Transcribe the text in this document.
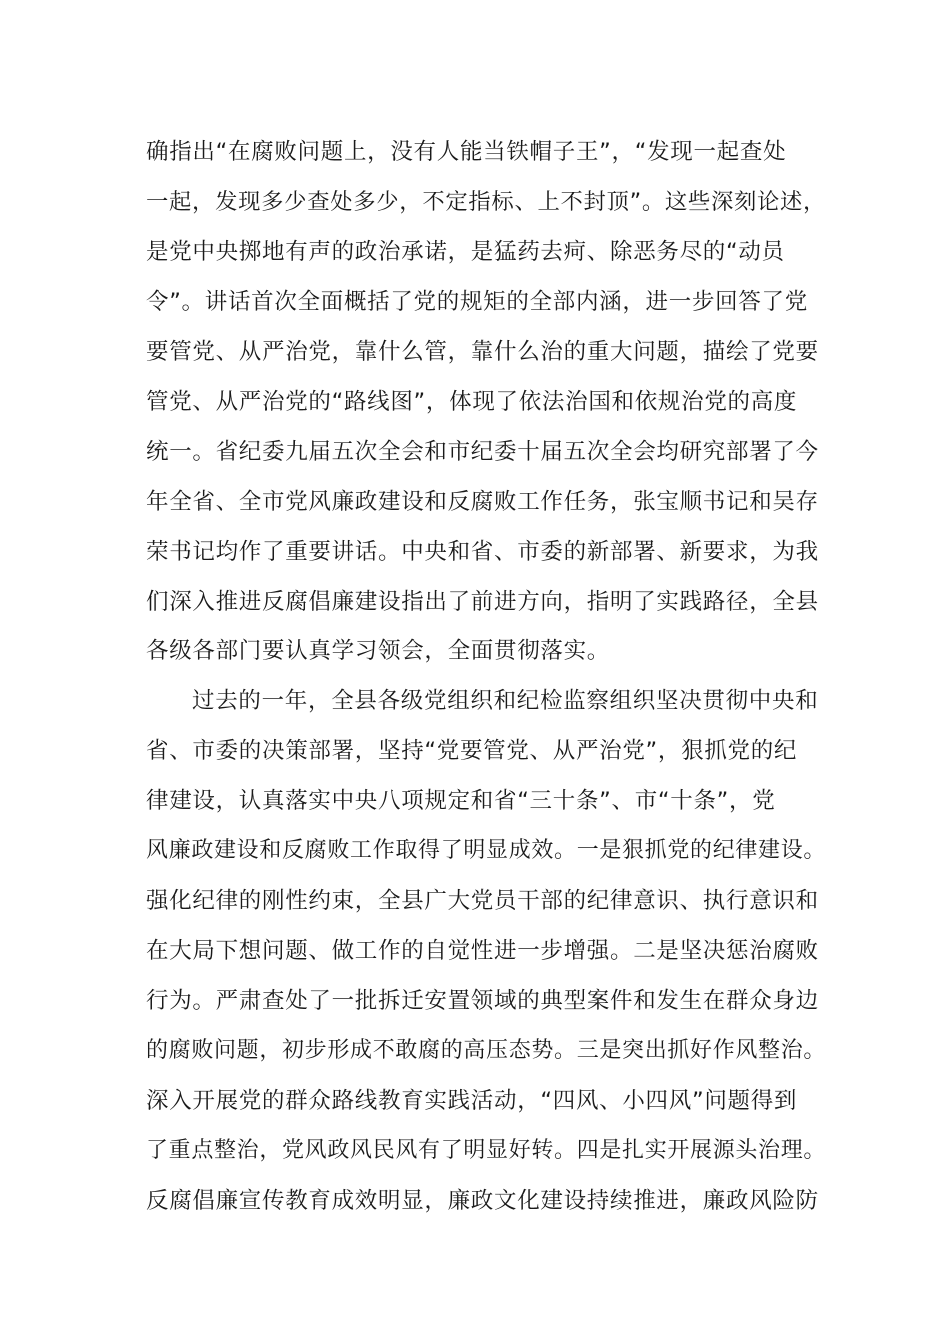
确指出“在腐败问题上，没有人能当铁帽子王”，“发现一起查处
一起，发现多少查处多少，不定指标、上不封顶”。这些深刻论述，
是党中央掷地有声的政治承诺，是猛药去疴、除恶务尽的“动员
令”。讲话首次全面概括了党的规矩的全部内涵，进一步回答了党
要管党、从严治党，靠什么管，靠什么治的重大问题，描绘了党要
管党、从严治党的“路线图”，体现了依法治国和依规治党的高度
统一。省纪委九届五次全会和市纪委十届五次全会均研究部署了今
年全省、全市党风廉政建设和反腐败工作任务，张宝顺书记和吴存
荣书记均作了重要讲话。中央和省、市委的新部署、新要求，为我
们深入推进反腐倡廉建设指出了前进方向，指明了实践路径，全县
各级各部门要认真学习领会，全面贯彻落实。
过去的一年，全县各级党组织和纪检监察组织坚决贯彻中央和
省、市委的决策部署，坚持“党要管党、从严治党”，狠抓党的纪
律建设，认真落实中央八项规定和省“三十条”、市“十条”，党
风廉政建设和反腐败工作取得了明显成效。一是狠抓党的纪律建设。
强化纪律的刚性约束，全县广大党员干部的纪律意识、执行意识和
在大局下想问题、做工作的自觉性进一步增强。二是坚决惩治腐败
行为。严肃查处了一批拆迁安置领域的典型案件和发生在群众身边
的腐败问题，初步形成不敢腐的高压态势。三是突出抓好作风整治。
深入开展党的群众路线教育实践活动，“四风、小四风”问题得到
了重点整治，党风政风民风有了明显好转。四是扎实开展源头治理。
反腐倡廉宣传教育成效明显，廉政文化建设持续推进，廉政风险防
